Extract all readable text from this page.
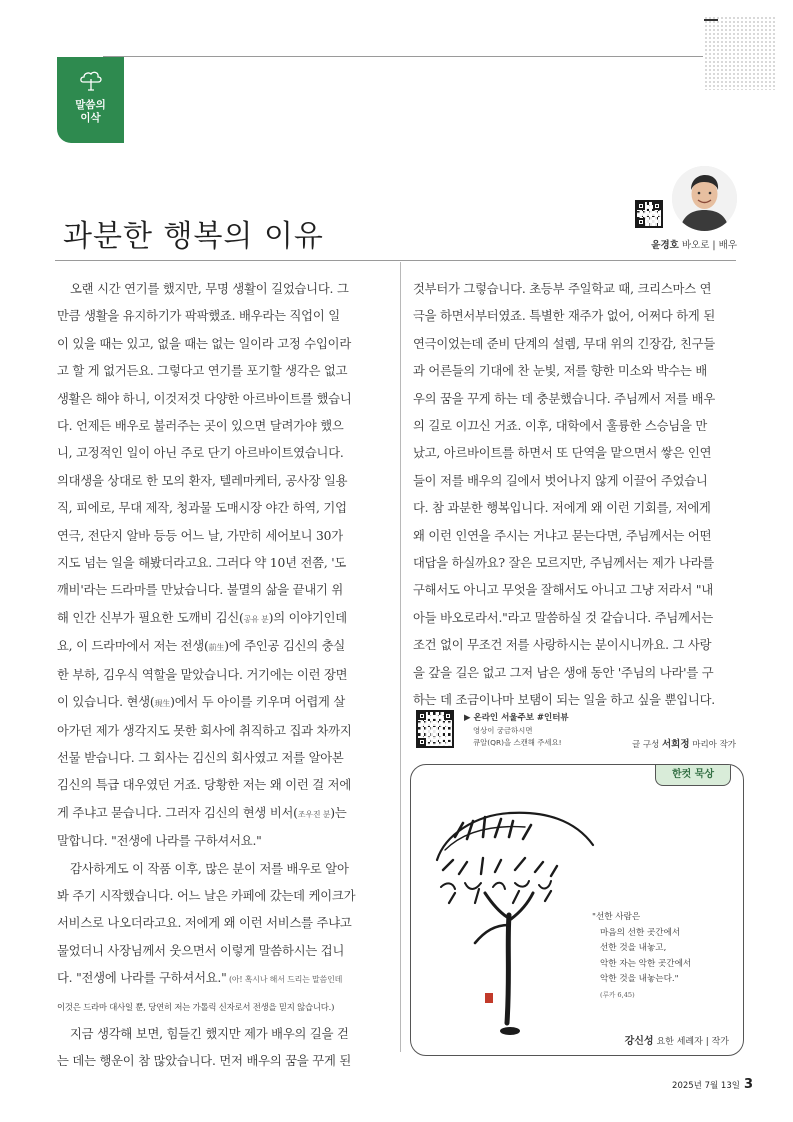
말씀의
이삭
과분한 행복의 이유	윤경호 바오로 | 배우

오랜 시간 연기를 했지만, 무명 생활이 길었습니다. 그

만큼 생활을 유지하기가 팍팍했죠. 배우라는 직업이 일

이 있을 때는 있고, 없을 때는 없는 일이라 고정 수입이라

고 할 게 없거든요. 그렇다고 연기를 포기할 생각은 없고

생활은 해야 하니, 이것저것 다양한 아르바이트를 했습니

다. 언제든 배우로 불러주는 곳이 있으면 달려가야 했으

니, 고정적인 일이 아닌 주로 단기 아르바이트였습니다.

의대생을 상대로 한 모의 환자, 텔레마케터, 공사장 일용

직, 피에로, 무대 제작, 청과물 도매시장 야간 하역, 기업

연극, 전단지 알바 등등 어느 날, 가만히 세어보니 30가

지도 넘는 일을 해봤더라고요. 그러다 약 10년 전쯤, '도

깨비'라는 드라마를 만났습니다. 불멸의 삶을 끝내기 위

해 인간 신부가 필요한 도깨비 김신(공유 분)의 이야기인데

요, 이 드라마에서 저는 전생(前生)에 주인공 김신의 충실

한 부하, 김우식 역할을 맡았습니다. 거기에는 이런 장면

이 있습니다. 현생(現生)에서 두 아이를 키우며 어렵게 살

아가던 제가 생각지도 못한 회사에 취직하고 집과 차까지

선물 받습니다. 그 회사는 김신의 회사였고 저를 알아본

김신의 특급 대우였던 거죠. 당황한 저는 왜 이런 걸 저에

게 주냐고 묻습니다. 그러자 김신의 현생 비서(조우진 분)는

말합니다. "전생에 나라를 구하셔서요."

감사하게도 이 작품 이후, 많은 분이 저를 배우로 알아

봐 주기 시작했습니다. 어느 날은 카페에 갔는데 케이크가

서비스로 나오더라고요. 저에게 왜 이런 서비스를 주냐고

물었더니 사장님께서 웃으면서 이렇게 말씀하시는 겁니

다. "전생에 나라를 구하셔서요." (아! 혹시나 해서 드리는 말씀인데

이것은 드라마 대사일 뿐, 당연히 저는 가톨릭 신자로서 전생을 믿지 않습니다.)

지금 생각해 보면, 힘들긴 했지만 제가 배우의 길을 걷

는 데는 행운이 참 많았습니다. 먼저 배우의 꿈을 꾸게 된

것부터가 그렇습니다. 초등부 주일학교 때, 크리스마스 연

극을 하면서부터였죠. 특별한 재주가 없어, 어쩌다 하게 된

연극이었는데 준비 단계의 설렘, 무대 위의 긴장감, 친구들

과 어른들의 기대에 찬 눈빛, 저를 향한 미소와 박수는 배

우의 꿈을 꾸게 하는 데 충분했습니다. 주님께서 저를 배우

의 길로 이끄신 거죠. 이후, 대학에서 훌륭한 스승님을 만

났고, 아르바이트를 하면서 또 단역을 맡으면서 쌓은 인연

들이 저를 배우의 길에서 벗어나지 않게 이끌어 주었습니

다. 참 과분한 행복입니다. 저에게 왜 이런 기회를, 저에게

왜 이런 인연을 주시는 거냐고 묻는다면, 주님께서는 어떤

대답을 하실까요? 잘은 모르지만, 주님께서는 제가 나라를

구해서도 아니고 무엇을 잘해서도 아니고 그냥 저라서 "내

아들 바오로라서."라고 말씀하실 것 같습니다. 주님께서는

조건 없이 무조건 저를 사랑하시는 분이시니까요. 그 사랑

을 갚을 길은 없고 그저 남은 생애 동안 '주님의 나라'를 구

하는 데 조금이나마 보탬이 되는 일을 하고 싶을 뿐입니다.

▶ 온라인 서울주보 #인터뷰
영상이 궁금하시면
큐알(QR)을 스캔해 주세요!	글 구성 서희정 마리아 작가
한컷 묵상
"선한 사람은
마음의 선한 곳간에서
선한 것을 내놓고,
악한 자는 악한 곳간에서
악한 것을 내놓는다."
(루카 6,45)
강신성 요한 세례자 | 작가
2025년 7월 13일 3
